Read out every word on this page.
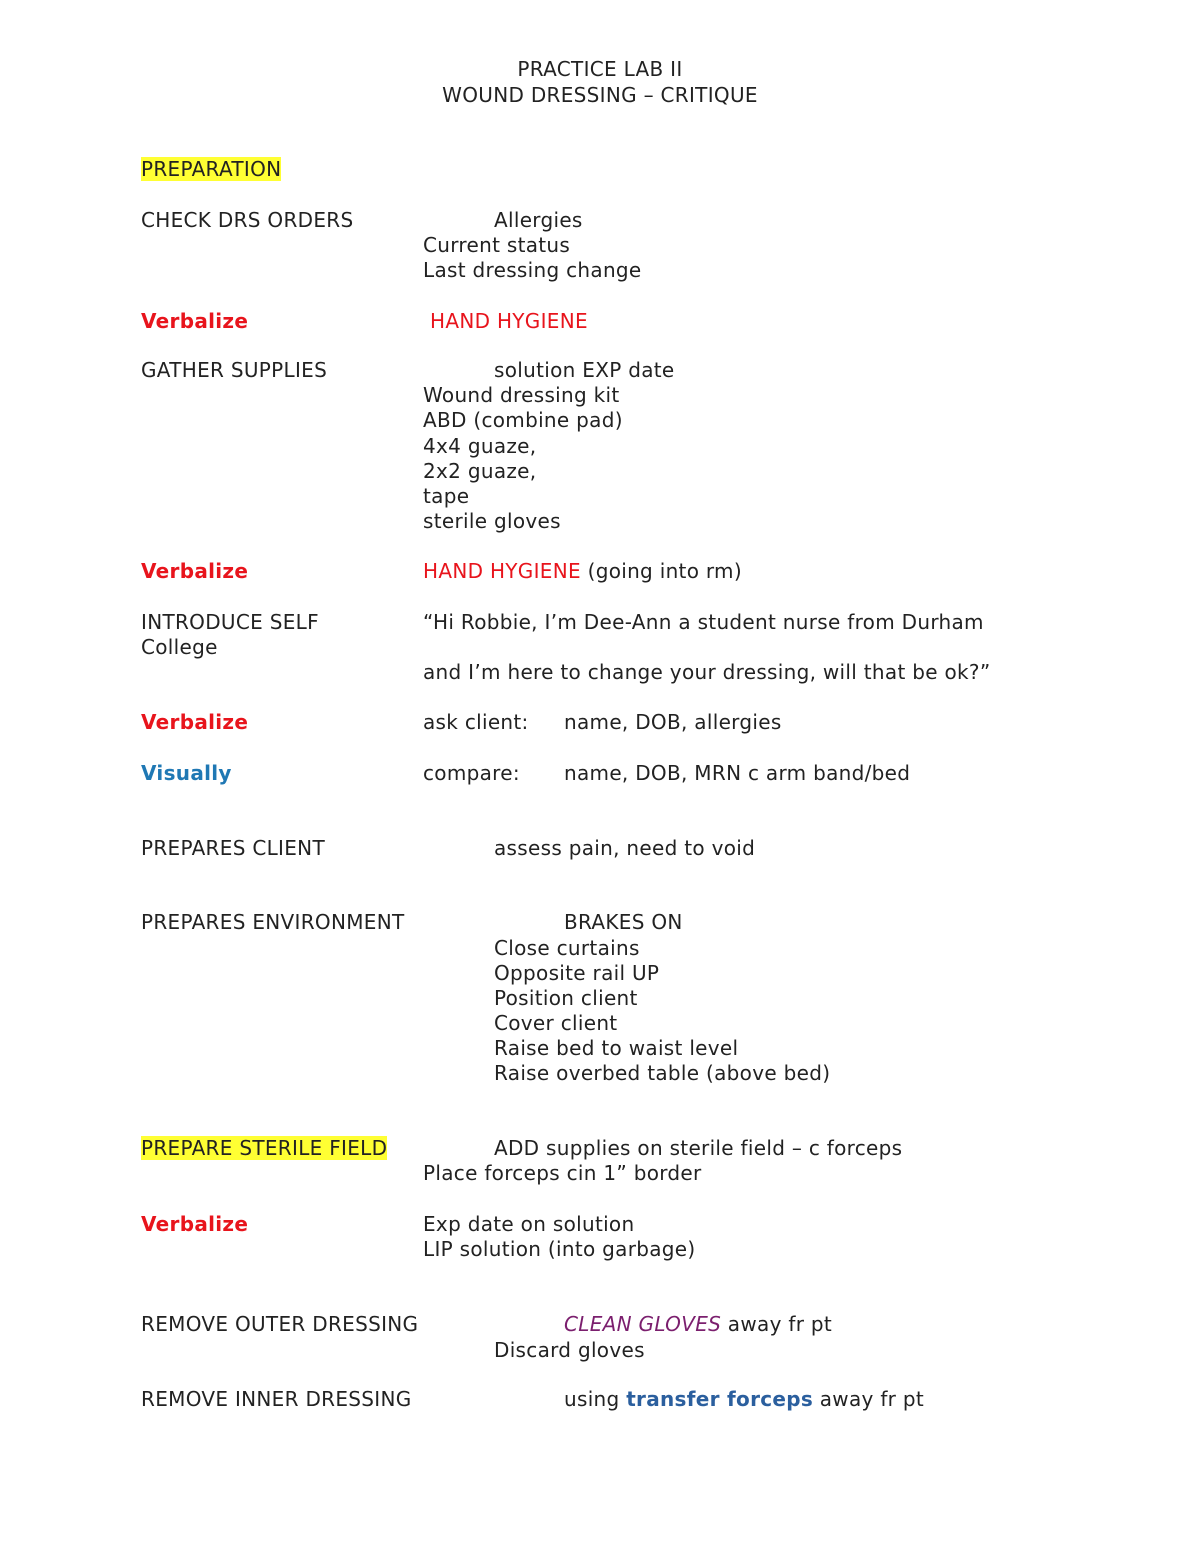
PRACTICE LAB II
WOUND DRESSING – CRITIQUE
PREPARATION
CHECK DRS ORDERS	Allergies
Current status
Last dressing change
Verbalize	HAND HYGIENE
GATHER SUPPLIES	solution EXP date
Wound dressing kit
ABD (combine pad)
4x4 guaze,
2x2 guaze,
tape
sterile gloves
Verbalize	HAND HYGIENE (going into rm)
INTRODUCE SELF	“Hi Robbie, I’m Dee-Ann a student nurse from Durham
College
and I’m here to change your dressing, will that be ok?”
Verbalize	ask client: name, DOB, allergies
Visually	compare: name, DOB, MRN c arm band/bed
PREPARES CLIENT	assess pain, need to void
PREPARES ENVIRONMENT	BRAKES ON
Close curtains
Opposite rail UP
Position client
Cover client
Raise bed to waist level
Raise overbed table (above bed)
PREPARE STERILE FIELD	ADD supplies on sterile field – c forceps
Place forceps cin 1” border
Verbalize	Exp date on solution
LIP solution (into garbage)
REMOVE OUTER DRESSING	CLEAN GLOVES away fr pt
Discard gloves
REMOVE INNER DRESSING	using transfer forceps away fr pt
